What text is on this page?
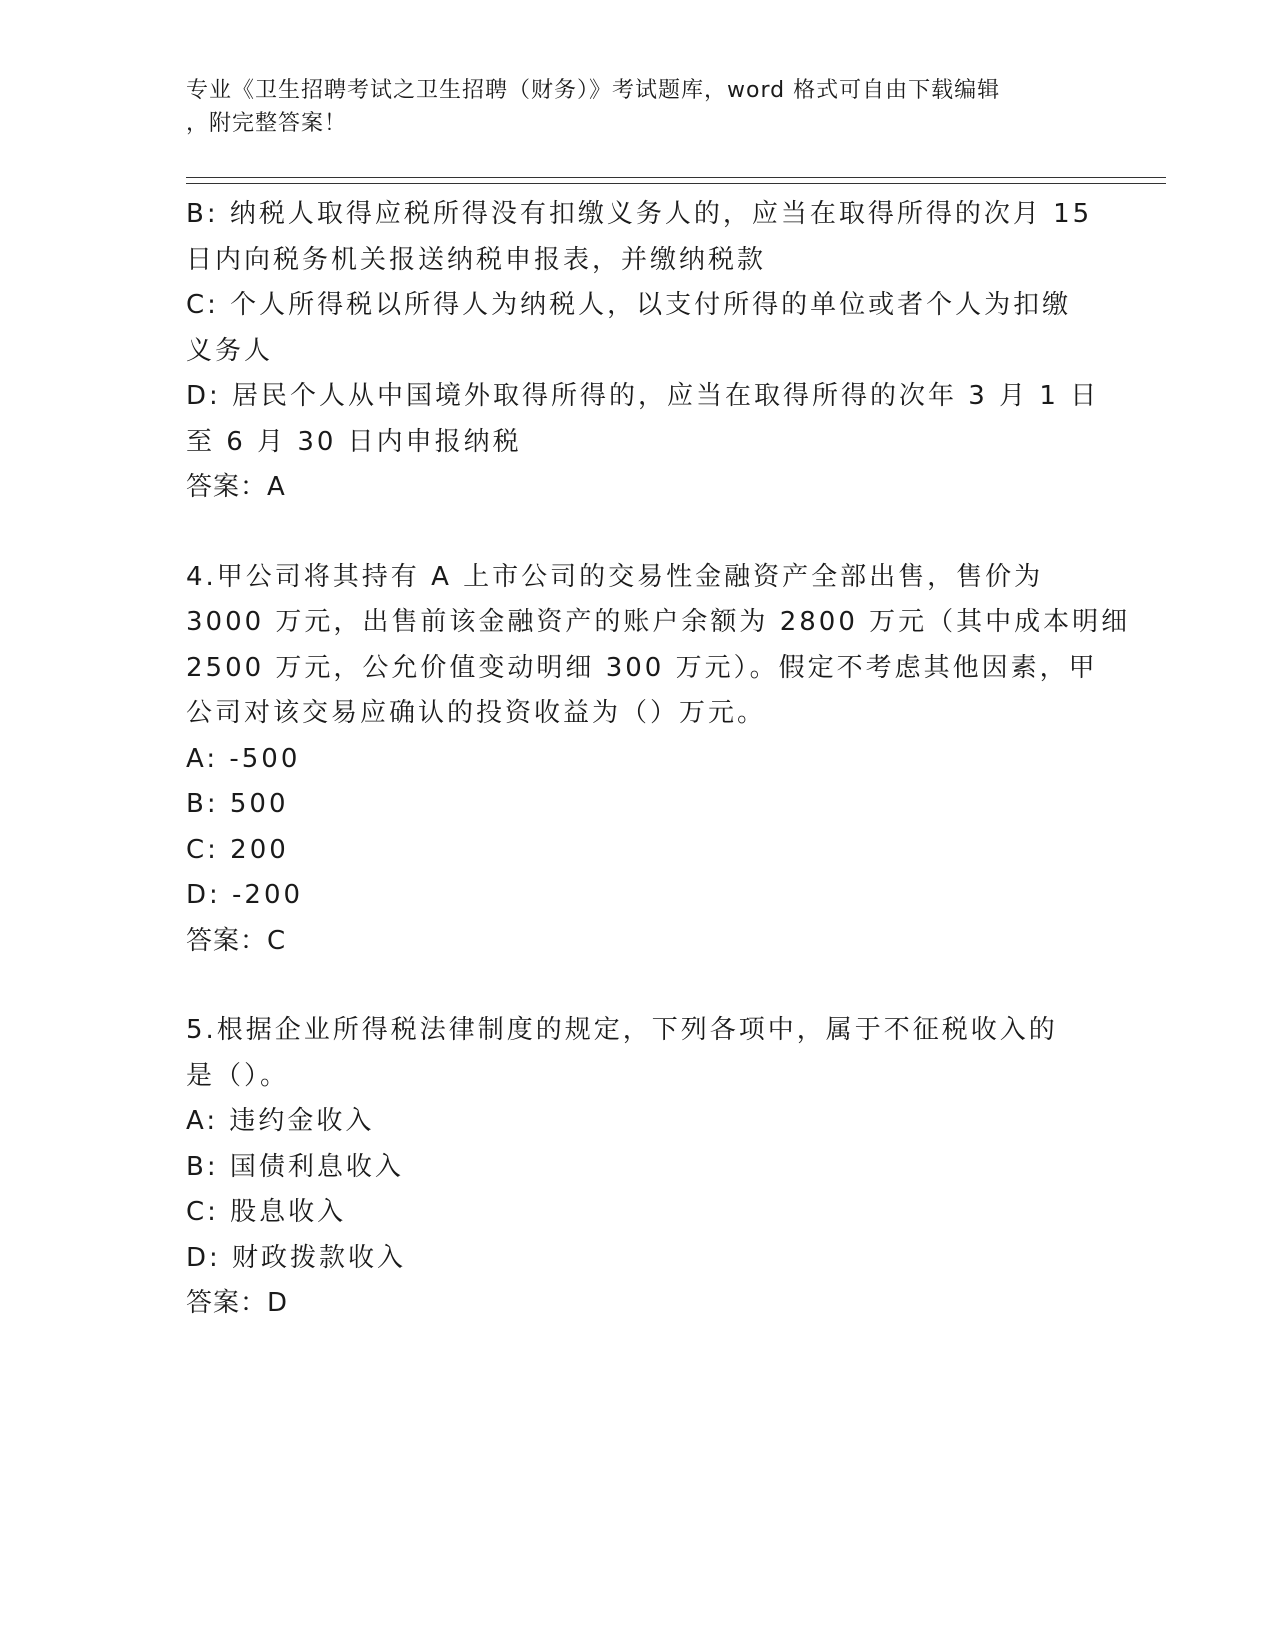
专业《卫生招聘考试之卫生招聘（财务）》考试题库，word 格式可自由下载编辑
，附完整答案！
B: 纳税人取得应税所得没有扣缴义务人的，应当在取得所得的次月 15
日内向税务机关报送纳税申报表，并缴纳税款
C: 个人所得税以所得人为纳税人，以支付所得的单位或者个人为扣缴
义务人
D: 居民个人从中国境外取得所得的，应当在取得所得的次年 3 月 1 日
至 6 月 30 日内申报纳税
答案：A
4.甲公司将其持有 A 上市公司的交易性金融资产全部出售，售价为
3000 万元，出售前该金融资产的账户余额为 2800 万元（其中成本明细
2500 万元，公允价值变动明细 300 万元）。假定不考虑其他因素，甲
公司对该交易应确认的投资收益为（）万元。
A: -500
B: 500
C: 200
D: -200
答案：C
5.根据企业所得税法律制度的规定，下列各项中，属于不征税收入的
是（）。
A: 违约金收入
B: 国债利息收入
C: 股息收入
D: 财政拨款收入
答案：D
